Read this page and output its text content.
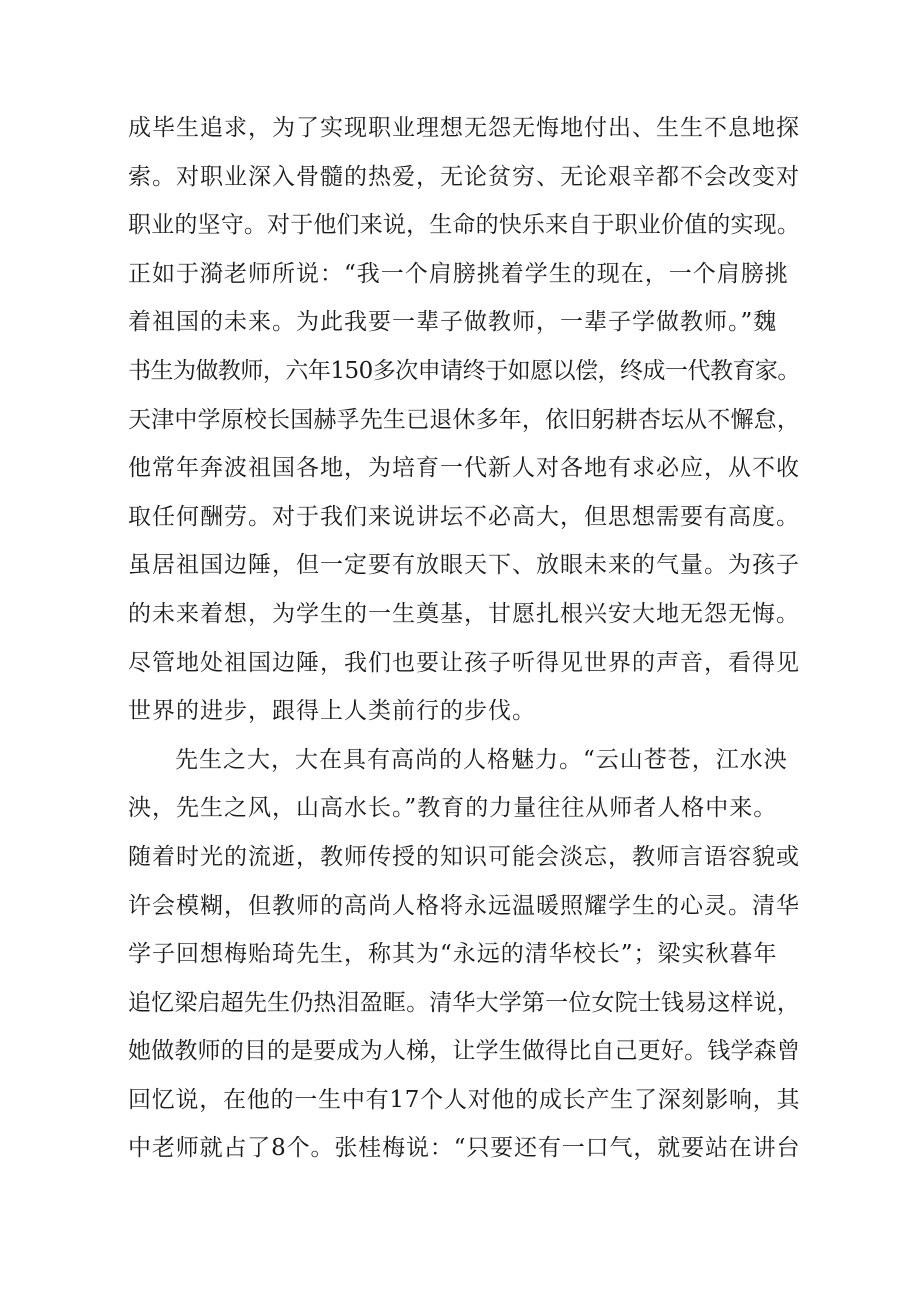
成毕生追求，为了实现职业理想无怨无悔地付出、生生不息地探
索。对职业深入骨髓的热爱，无论贫穷、无论艰辛都不会改变对
职业的坚守。对于他们来说，生命的快乐来自于职业价值的实现。
正如于漪老师所说：“我一个肩膀挑着学生的现在，一个肩膀挑
着祖国的未来。为此我要一辈子做教师，一辈子学做教师。”魏
书生为做教师，六年150多次申请终于如愿以偿，终成一代教育家。
天津中学原校长国赫孚先生已退休多年，依旧躬耕杏坛从不懈怠，
他常年奔波祖国各地，为培育一代新人对各地有求必应，从不收
取任何酬劳。对于我们来说讲坛不必高大，但思想需要有高度。
虽居祖国边陲，但一定要有放眼天下、放眼未来的气量。为孩子
的未来着想，为学生的一生奠基，甘愿扎根兴安大地无怨无悔。
尽管地处祖国边陲，我们也要让孩子听得见世界的声音，看得见
世界的进步，跟得上人类前行的步伐。
先生之大，大在具有高尚的人格魅力。“云山苍苍，江水泱
泱，先生之风，山高水长。”教育的力量往往从师者人格中来。
随着时光的流逝，教师传授的知识可能会淡忘，教师言语容貌或
许会模糊，但教师的高尚人格将永远温暖照耀学生的心灵。清华
学子回想梅贻琦先生，称其为“永远的清华校长”；梁实秋暮年
追忆梁启超先生仍热泪盈眶。清华大学第一位女院士钱易这样说，
她做教师的目的是要成为人梯，让学生做得比自己更好。钱学森曾
回忆说，在他的一生中有17个人对他的成长产生了深刻影响，其
中老师就占了8个。张桂梅说：“只要还有一口气，就要站在讲台
